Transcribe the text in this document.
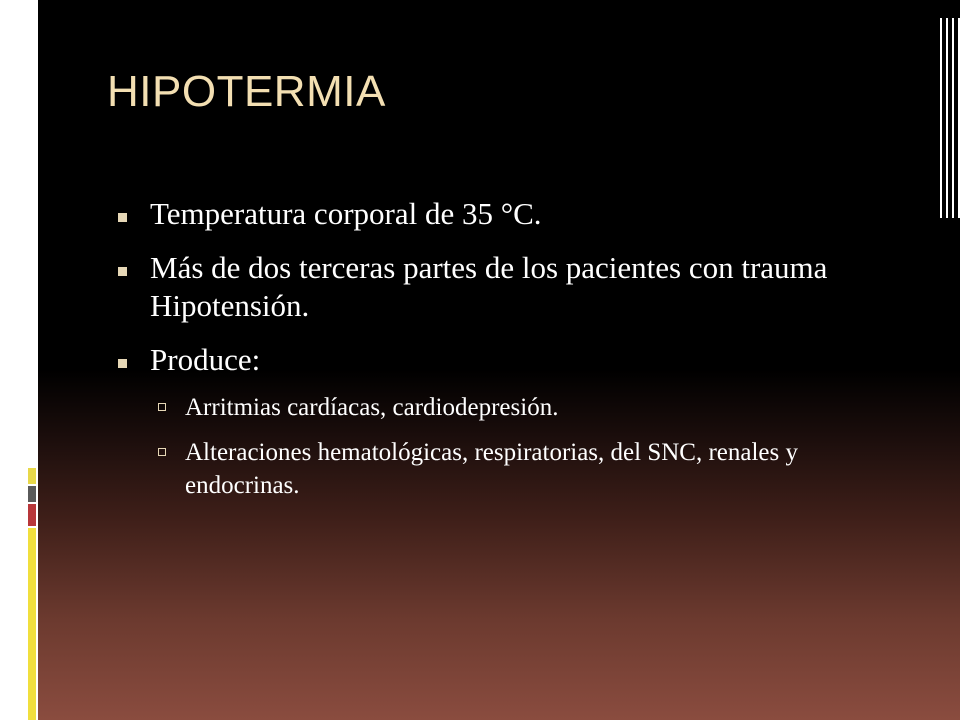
HIPOTERMIA
Temperatura corporal de 35 °C.
Más de dos terceras partes de los pacientes con trauma Hipotensión.
Produce:
Arritmias cardíacas, cardiodepresión.
Alteraciones hematológicas, respiratorias, del SNC, renales y endocrinas.
